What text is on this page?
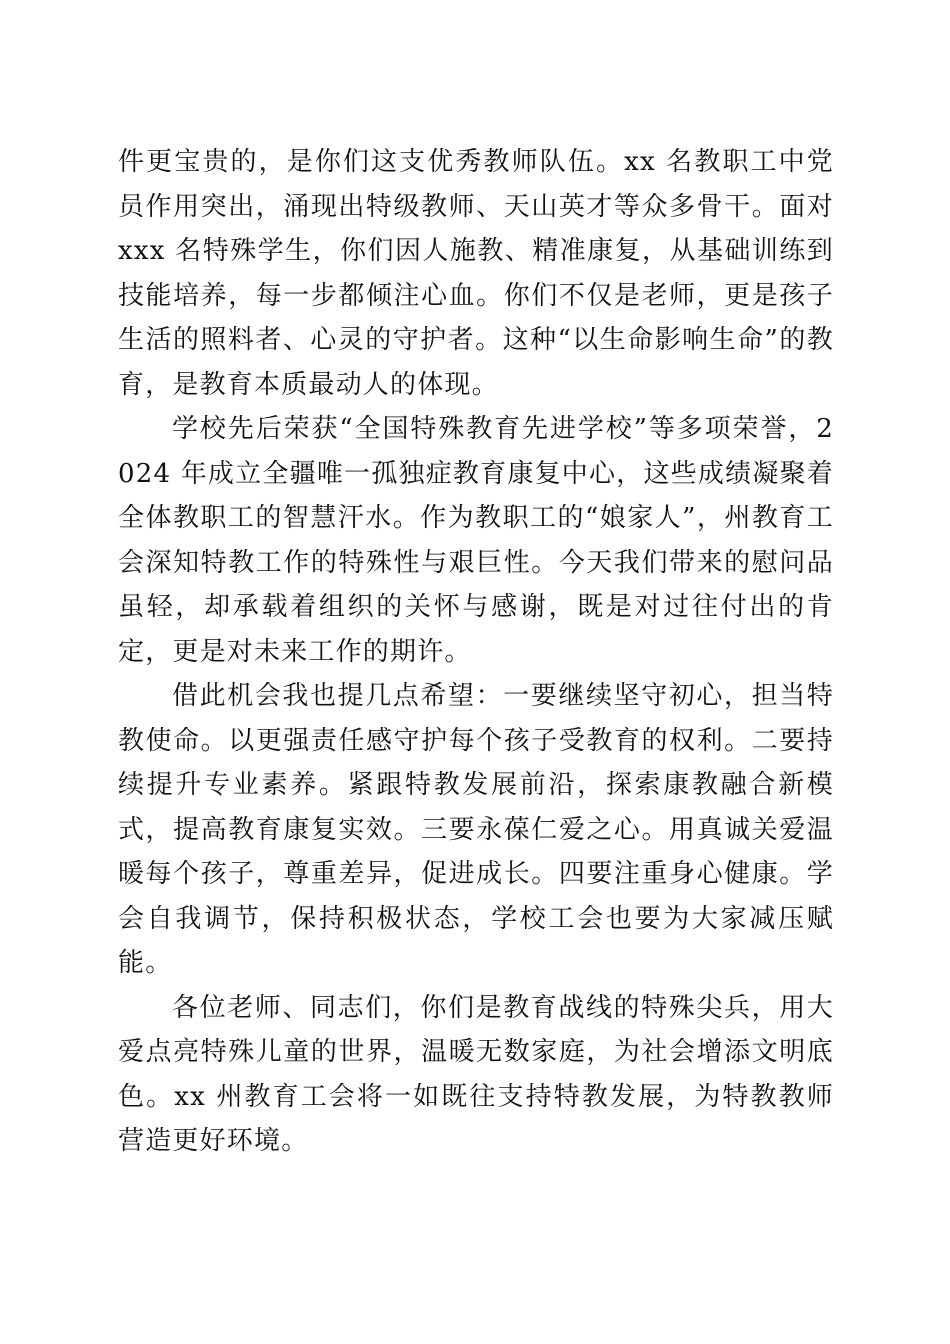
件更宝贵的，是你们这支优秀教师队伍。xx 名教职工中党员作用突出，涌现出特级教师、天山英才等众多骨干。面对 xxx 名特殊学生，你们因人施教、精准康复，从基础训练到技能培养，每一步都倾注心血。你们不仅是老师，更是孩子生活的照料者、心灵的守护者。这种“以生命影响生命”的教育，是教育本质最动人的体现。

学校先后荣获“全国特殊教育先进学校”等多项荣誉，2024 年成立全疆唯一孤独症教育康复中心，这些成绩凝聚着全体教职工的智慧汗水。作为教职工的“娘家人”，州教育工会深知特教工作的特殊性与艰巨性。今天我们带来的慰问品虽轻，却承载着组织的关怀与感谢，既是对过往付出的肯定，更是对未来工作的期许。

借此机会我也提几点希望：一要继续坚守初心，担当特教使命。以更强责任感守护每个孩子受教育的权利。二要持续提升专业素养。紧跟特教发展前沿，探索康教融合新模式，提高教育康复实效。三要永葆仁爱之心。用真诚关爱温暖每个孩子，尊重差异，促进成长。四要注重身心健康。学会自我调节，保持积极状态，学校工会也要为大家减压赋能。

各位老师、同志们，你们是教育战线的特殊尖兵，用大爱点亮特殊儿童的世界，温暖无数家庭，为社会增添文明底色。xx 州教育工会将一如既往支持特教发展，为特教教师营造更好环境。
